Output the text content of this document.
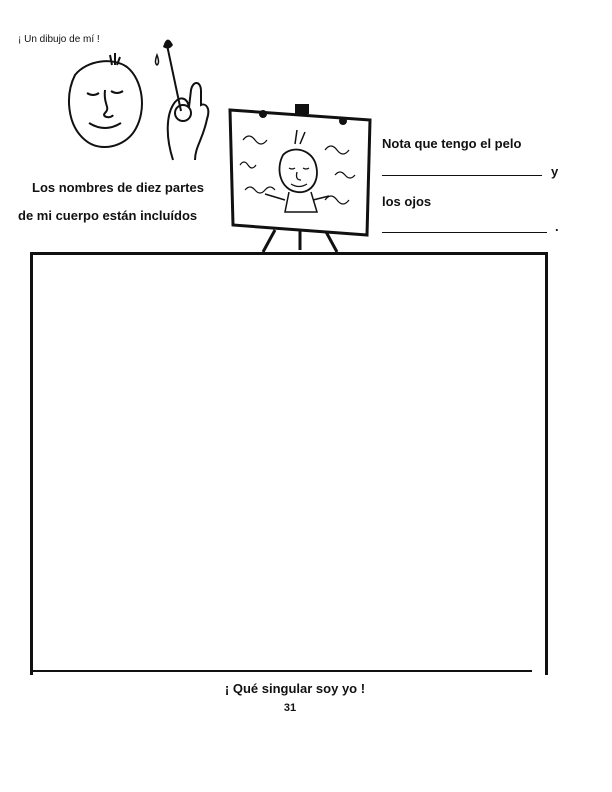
¡ Un dibujo de mí !
Los nombres de diez partes
de mi cuerpo están incluídos
Nota que tengo el pelo
y
los ojos
.
¡ Qué singular soy yo !
31
